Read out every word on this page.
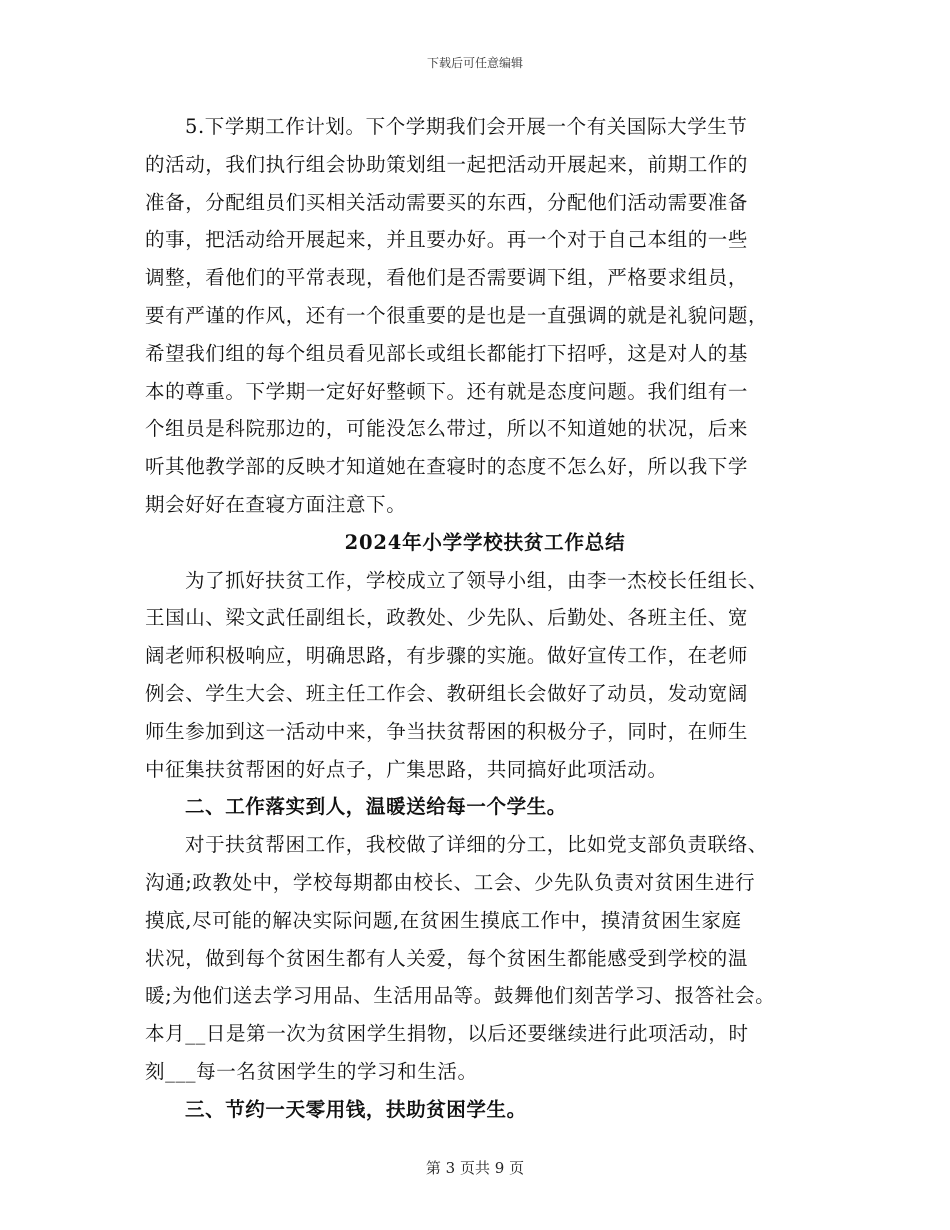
下载后可任意编辑
5.下学期工作计划。下个学期我们会开展一个有关国际大学生节
的活动，我们执行组会协助策划组一起把活动开展起来，前期工作的
准备，分配组员们买相关活动需要买的东西，分配他们活动需要准备
的事，把活动给开展起来，并且要办好。再一个对于自己本组的一些
调整，看他们的平常表现，看他们是否需要调下组，严格要求组员，
要有严谨的作风，还有一个很重要的是也是一直强调的就是礼貌问题，
希望我们组的每个组员看见部长或组长都能打下招呼，这是对人的基
本的尊重。下学期一定好好整顿下。还有就是态度问题。我们组有一
个组员是科院那边的，可能没怎么带过，所以不知道她的状况，后来
听其他教学部的反映才知道她在查寝时的态度不怎么好，所以我下学
期会好好在查寝方面注意下。
2024年小学学校扶贫工作总结
为了抓好扶贫工作，学校成立了领导小组，由李一杰校长任组长、
王国山、梁文武任副组长，政教处、少先队、后勤处、各班主任、宽
阔老师积极响应，明确思路，有步骤的实施。做好宣传工作，在老师
例会、学生大会、班主任工作会、教研组长会做好了动员，发动宽阔
师生参加到这一活动中来，争当扶贫帮困的积极分子，同时，在师生
中征集扶贫帮困的好点子，广集思路，共同搞好此项活动。
二、工作落实到人，温暖送给每一个学生。
对于扶贫帮困工作，我校做了详细的分工，比如党支部负责联络、
沟通;政教处中，学校每期都由校长、工会、少先队负责对贫困生进行
摸底,尽可能的解决实际问题,在贫困生摸底工作中，摸清贫困生家庭
状况，做到每个贫困生都有人关爱，每个贫困生都能感受到学校的温
暖;为他们送去学习用品、生活用品等。鼓舞他们刻苦学习、报答社会。
本月__日是第一次为贫困学生捐物，以后还要继续进行此项活动，时
刻___每一名贫困学生的学习和生活。
三、节约一天零用钱，扶助贫困学生。
第 3 页共 9 页
